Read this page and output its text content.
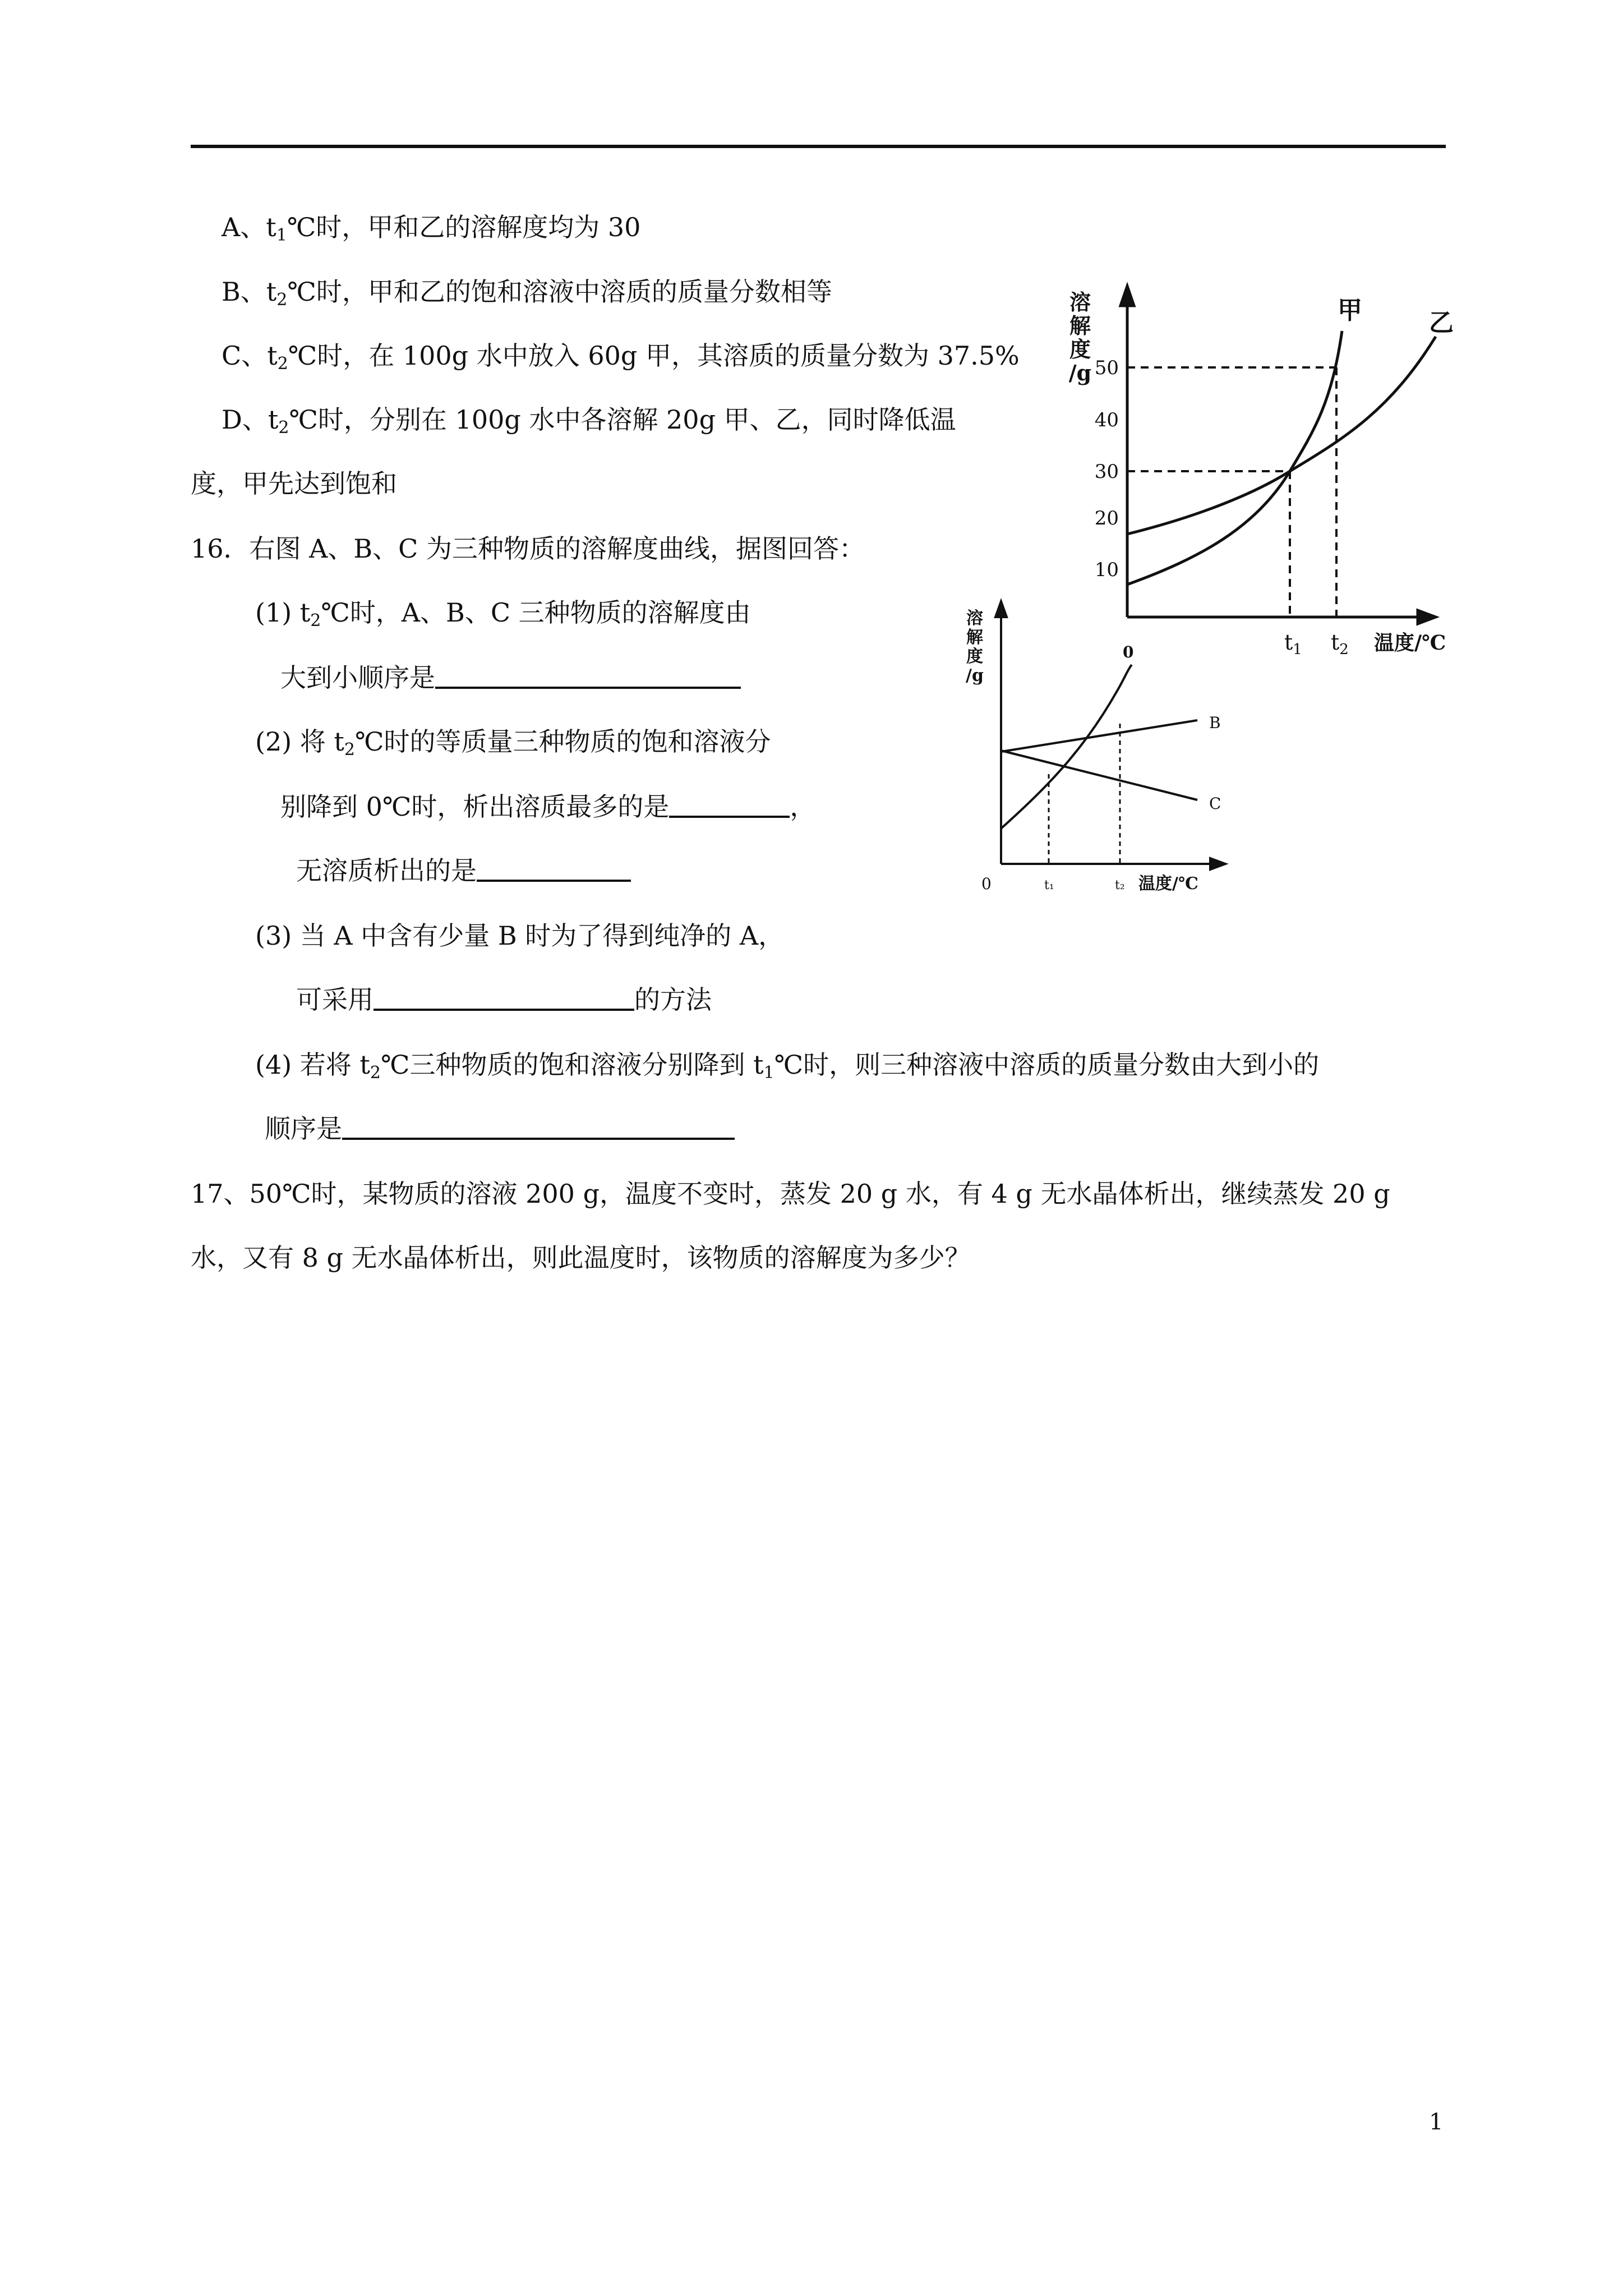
A、$t_1℃$时，甲和乙的溶解度均为 30
B、$t_2℃$时，甲和乙的饱和溶液中溶质的质量分数相等
C、$t_2℃$时，在 100g 水中放入 60g 甲，其溶质的质量分数为 37.5%
D、$t_2℃$时，分别在 100g 水中各溶解 20g 甲、乙，同时降低温
度，甲先达到饱和
16．右图 A、B、C 为三种物质的溶解度曲线，据图回答：
(1) $t_2℃$时，A、B、C 三种物质的溶解度由
大到小顺序是
(2) 将 $t_2℃$时的等质量三种物质的饱和溶液分
别降到 0℃时，析出溶质最多的是	，
无溶质析出的是
(3) 当 A 中含有少量 B 时为了得到纯净的 A，
可采用	的方法
(4) 若将 $t_2℃$三种物质的饱和溶液分别降到 $t_1℃$时，则三种溶液中溶质的质量分数由大到小的
顺序是
17、50℃时，某物质的溶液 200 g，温度不变时，蒸发 20 g 水，有 4 g 无水晶体析出，继续蒸发 20 g
水，又有 8 g 无水晶体析出，则此温度时，该物质的溶解度为多少？
溶
解
度
/g
10
20
30
40
50
$t_1$ $t_2$ 温度/℃
甲	乙
溶
解
度
/g
0	t₁	t₂ 温度/℃
0
B
C
1
